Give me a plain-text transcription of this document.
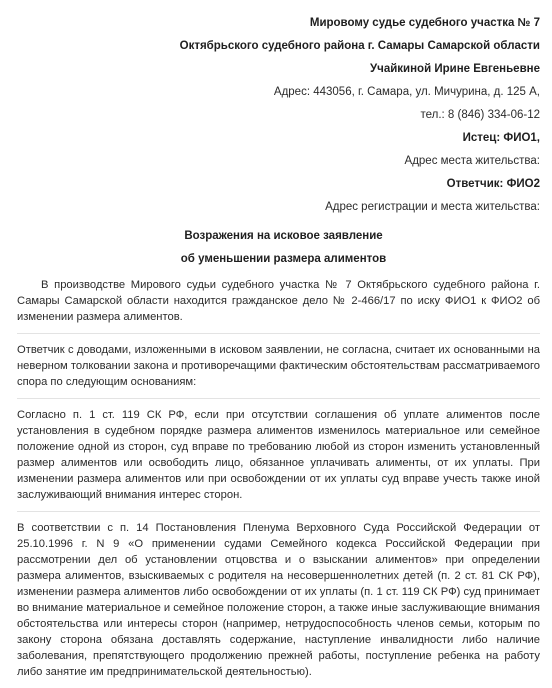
Мировому судье судебного участка № 7
Октябрьского судебного района г. Самары Самарской области
Учайкиной Ирине Евгеньевне
Адрес: 443056, г. Самара, ул. Мичурина, д. 125 А,
тел.: 8 (846) 334-06-12
Истец: ФИО1,
Адрес места жительства:
Ответчик: ФИО2
Адрес регистрации и места жительства:
Возражения на исковое заявление
об уменьшении размера алиментов

В производстве Мирового судьи судебного участка № 7 Октябрьского судебного района г. Самары Самарской области находится гражданское дело № 2-466/17 по иску ФИО1 к ФИО2 об изменении размера алиментов.

Ответчик с доводами, изложенными в исковом заявлении, не согласна, считает их основанными на неверном толковании закона и противоречащими фактическим обстоятельствам рассматриваемого спора по следующим основаниям:

Согласно п. 1 ст. 119 СК РФ, если при отсутствии соглашения об уплате алиментов после установления в судебном порядке размера алиментов изменилось материальное или семейное положение одной из сторон, суд вправе по требованию любой из сторон изменить установленный размер алиментов или освободить лицо, обязанное уплачивать алименты, от их уплаты. При изменении размера алиментов или при освобождении от их уплаты суд вправе учесть также иной заслуживающий внимания интерес сторон.

В соответствии с п. 14 Постановления Пленума Верховного Суда Российской Федерации от 25.10.1996 г. N 9 «О применении судами Семейного кодекса Российской Федерации при рассмотрении дел об установлении отцовства и о взыскании алиментов» при определении размера алиментов, взыскиваемых с родителя на несовершеннолетних детей (п. 2 ст. 81 СК РФ), изменении размера алиментов либо освобождении от их уплаты (п. 1 ст. 119 СК РФ) суд принимает во внимание материальное и семейное положение сторон, а также иные заслуживающие внимания обстоятельства или интересы сторон (например, нетрудоспособность членов семьи, которым по закону сторона обязана доставлять содержание, наступление инвалидности либо наличие заболевания, препятствующего продолжению прежней работы, поступление ребенка на работу либо занятие им предпринимательской деятельностью).
